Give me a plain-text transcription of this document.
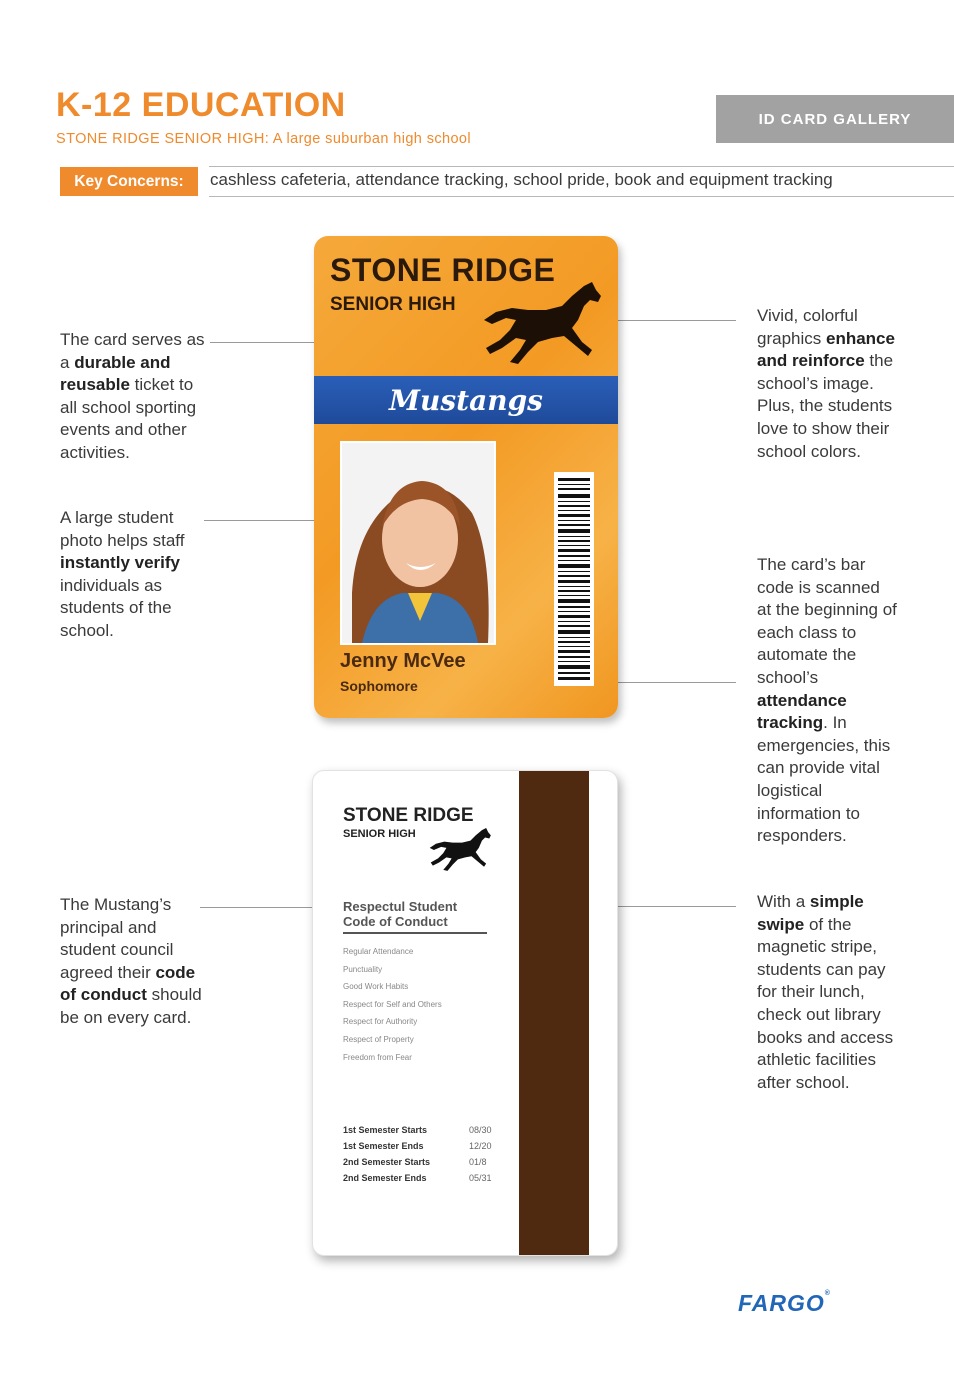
K-12 EDUCATION
STONE RIDGE SENIOR HIGH: A large suburban high school
ID CARD GALLERY
Key Concerns:	cashless cafeteria, attendance tracking, school pride, book and equipment tracking
The card serves as a durable and reusable ticket to all school sporting events and other activities.
A large student photo helps staff instantly verify individuals as students of the school.
The Mustang’s principal and student council agreed their code of conduct should be on every card.
Vivid, colorful graphics enhance and reinforce the school’s image. Plus, the students love to show their school colors.
The card’s bar code is scanned at the beginning of each class to automate the school’s attendance tracking. In emergencies, this can provide vital logistical information to responders.
With a simple swipe of the magnetic stripe, students can pay for their lunch, check out library books and access athletic facilities after school.
STONE RIDGE
SENIOR HIGH
Mustangs
Jenny McVee
Sophomore
STONE RIDGE
SENIOR HIGH
Respectul Student Code of Conduct
Regular Attendance
Punctuality
Good Work Habits
Respect for Self and Others
Respect for Authority
Respect of Property
Freedom from Fear
1st Semester Starts	08/30
1st Semester Ends	12/20
2nd Semester Starts	01/8
2nd Semester Ends	05/31
FARGO®
